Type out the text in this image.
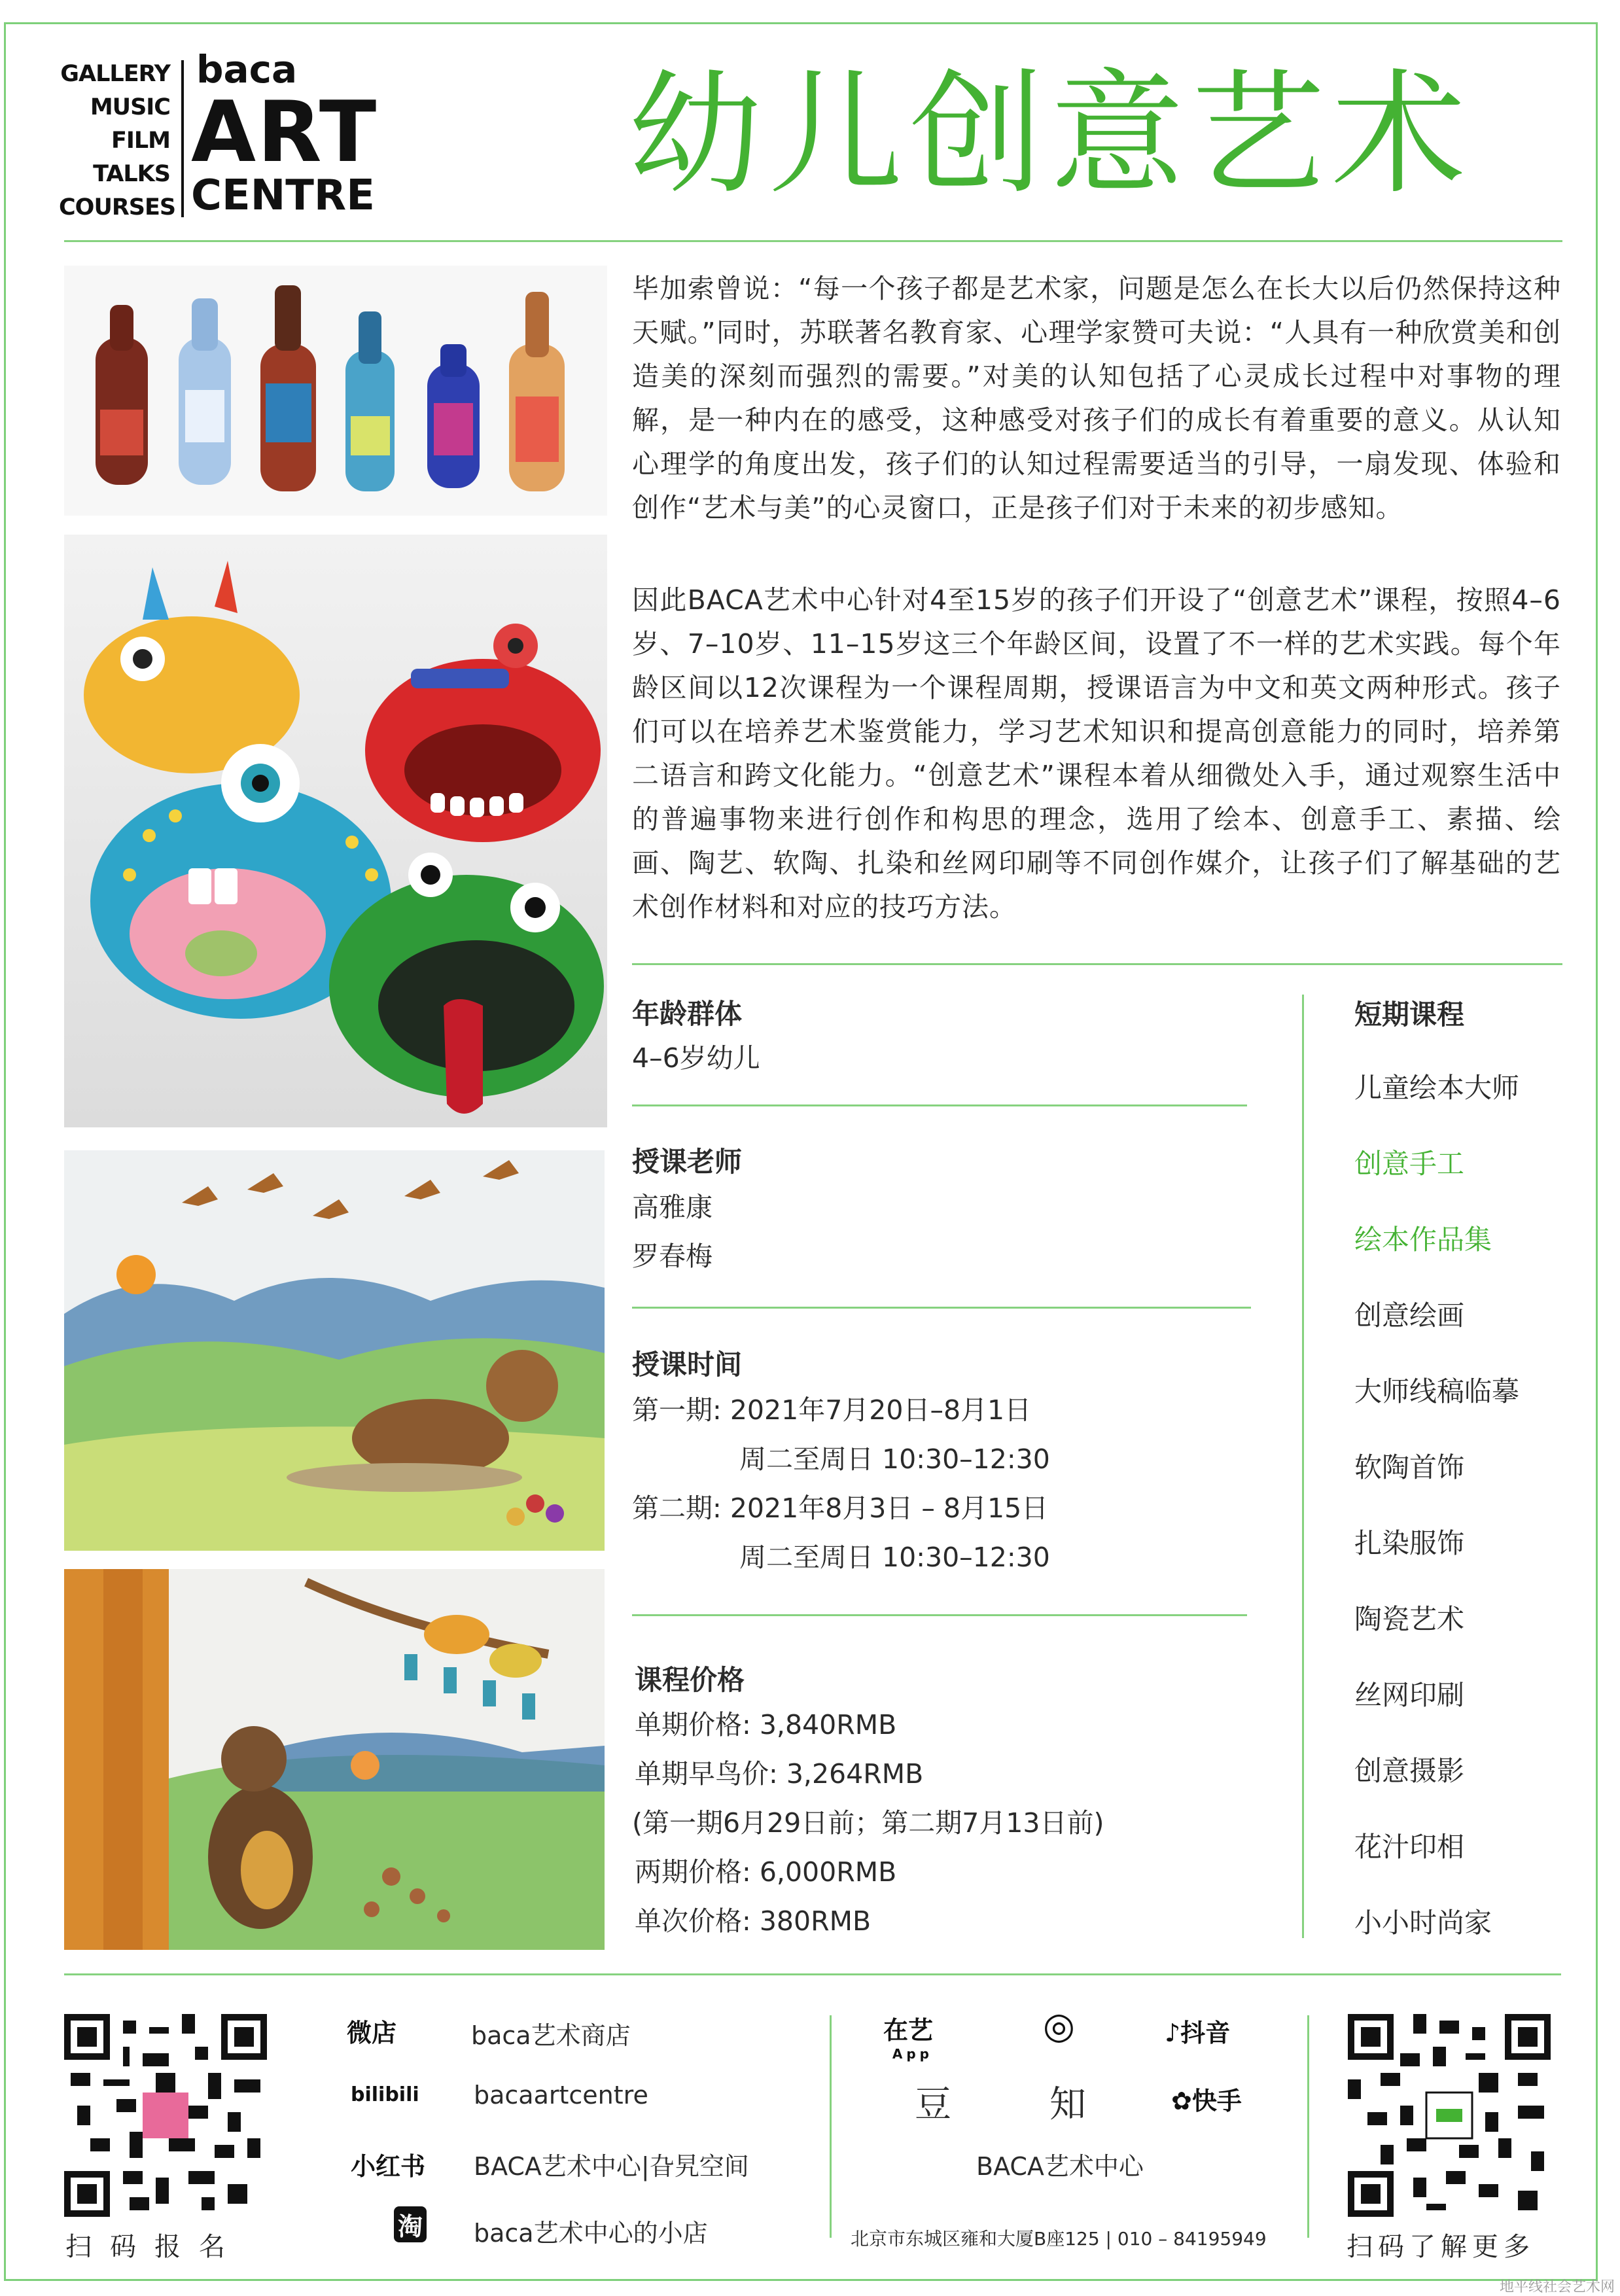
GALLERY
MUSIC
FILM
TALKS
COURSES
baca
ART
CENTRE 幼儿创意艺术
毕加索曾说：“每一个孩子都是艺术家，问题是怎么在长大以后仍然保持这种天赋。”同时，苏联著名教育家、心理学家赞可夫说：“人具有一种欣赏美和创造美的深刻而强烈的需要。”对美的认知包括了心灵成长过程中对事物的理解，是一种内在的感受，这种感受对孩子们的成长有着重要的意义。从认知心理学的角度出发，孩子们的认知过程需要适当的引导，一扇发现、体验和创作“艺术与美”的心灵窗口，正是孩子们对于未来的初步感知。
因此BACA艺术中心针对4至15岁的孩子们开设了“创意艺术”课程，按照4–6岁、7–10岁、11–15岁这三个年龄区间，设置了不一样的艺术实践。每个年龄区间以12次课程为一个课程周期，授课语言为中文和英文两种形式。孩子们可以在培养艺术鉴赏能力，学习艺术知识和提高创意能力的同时，培养第二语言和跨文化能力。“创意艺术”课程本着从细微处入手，通过观察生活中的普遍事物来进行创作和构思的理念，选用了绘本、创意手工、素描、绘画、陶艺、软陶、扎染和丝网印刷等不同创作媒介，让孩子们了解基础的艺术创作材料和对应的技巧方法。
年龄群体
4–6岁幼儿
授课老师
高雅康
罗春梅
授课时间
第一期: 2021年7月20日–8月1日
周二至周日 10:30–12:30
第二期: 2021年8月3日 – 8月15日
周二至周日 10:30–12:30
课程价格
单期价格: 3,840RMB
单期早鸟价: 3,264RMB
(第一期6月29日前；第二期7月13日前)
两期价格: 6,000RMB
单次价格: 380RMB
短期课程
儿童绘本大师
创意手工
绘本作品集
创意绘画
大师线稿临摹
软陶首饰
扎染服饰
陶瓷艺术
丝网印刷
创意摄影
花汁印相
小小时尚家
扫码报名
微店	baca艺术商店
bilibili bacaartcentre
小红书 BACA艺术中心|旮旯空间
淘 baca艺术中心的小店
在艺
App
◎	♪抖音
豆	知	✿快手
BACA艺术中心
北京市东城区雍和大厦B座125 | 010 – 84195949	扫码了解更多
地平线社会艺术网
